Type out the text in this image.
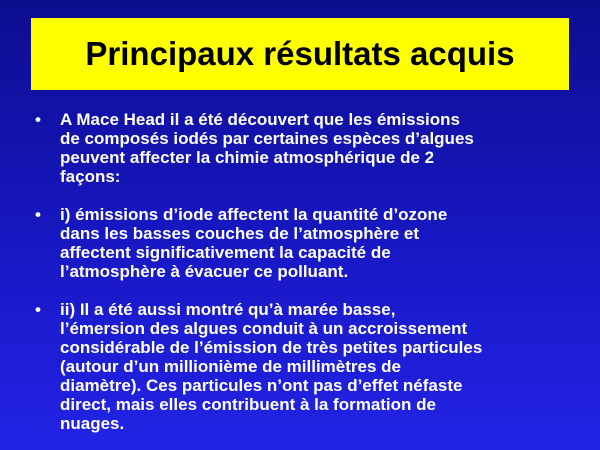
Principaux résultats acquis
•	A Mace Head il a été découvert que les émissions
de composés iodés par certaines espèces d’algues
peuvent affecter la chimie atmosphérique de 2
façons:

•	i) émissions d’iode affectent la quantité d’ozone
dans les basses couches de l’atmosphère et
affectent significativement la capacité de
l’atmosphère à évacuer ce polluant.

•	ii) Il a été aussi montré qu’à marée basse,
l’émersion des algues conduit à un accroissement
considérable de l’émission de très petites particules
(autour d’un millionième de millimètres de
diamètre). Ces particules n’ont pas d’effet néfaste
direct, mais elles contribuent à la formation de
nuages.
